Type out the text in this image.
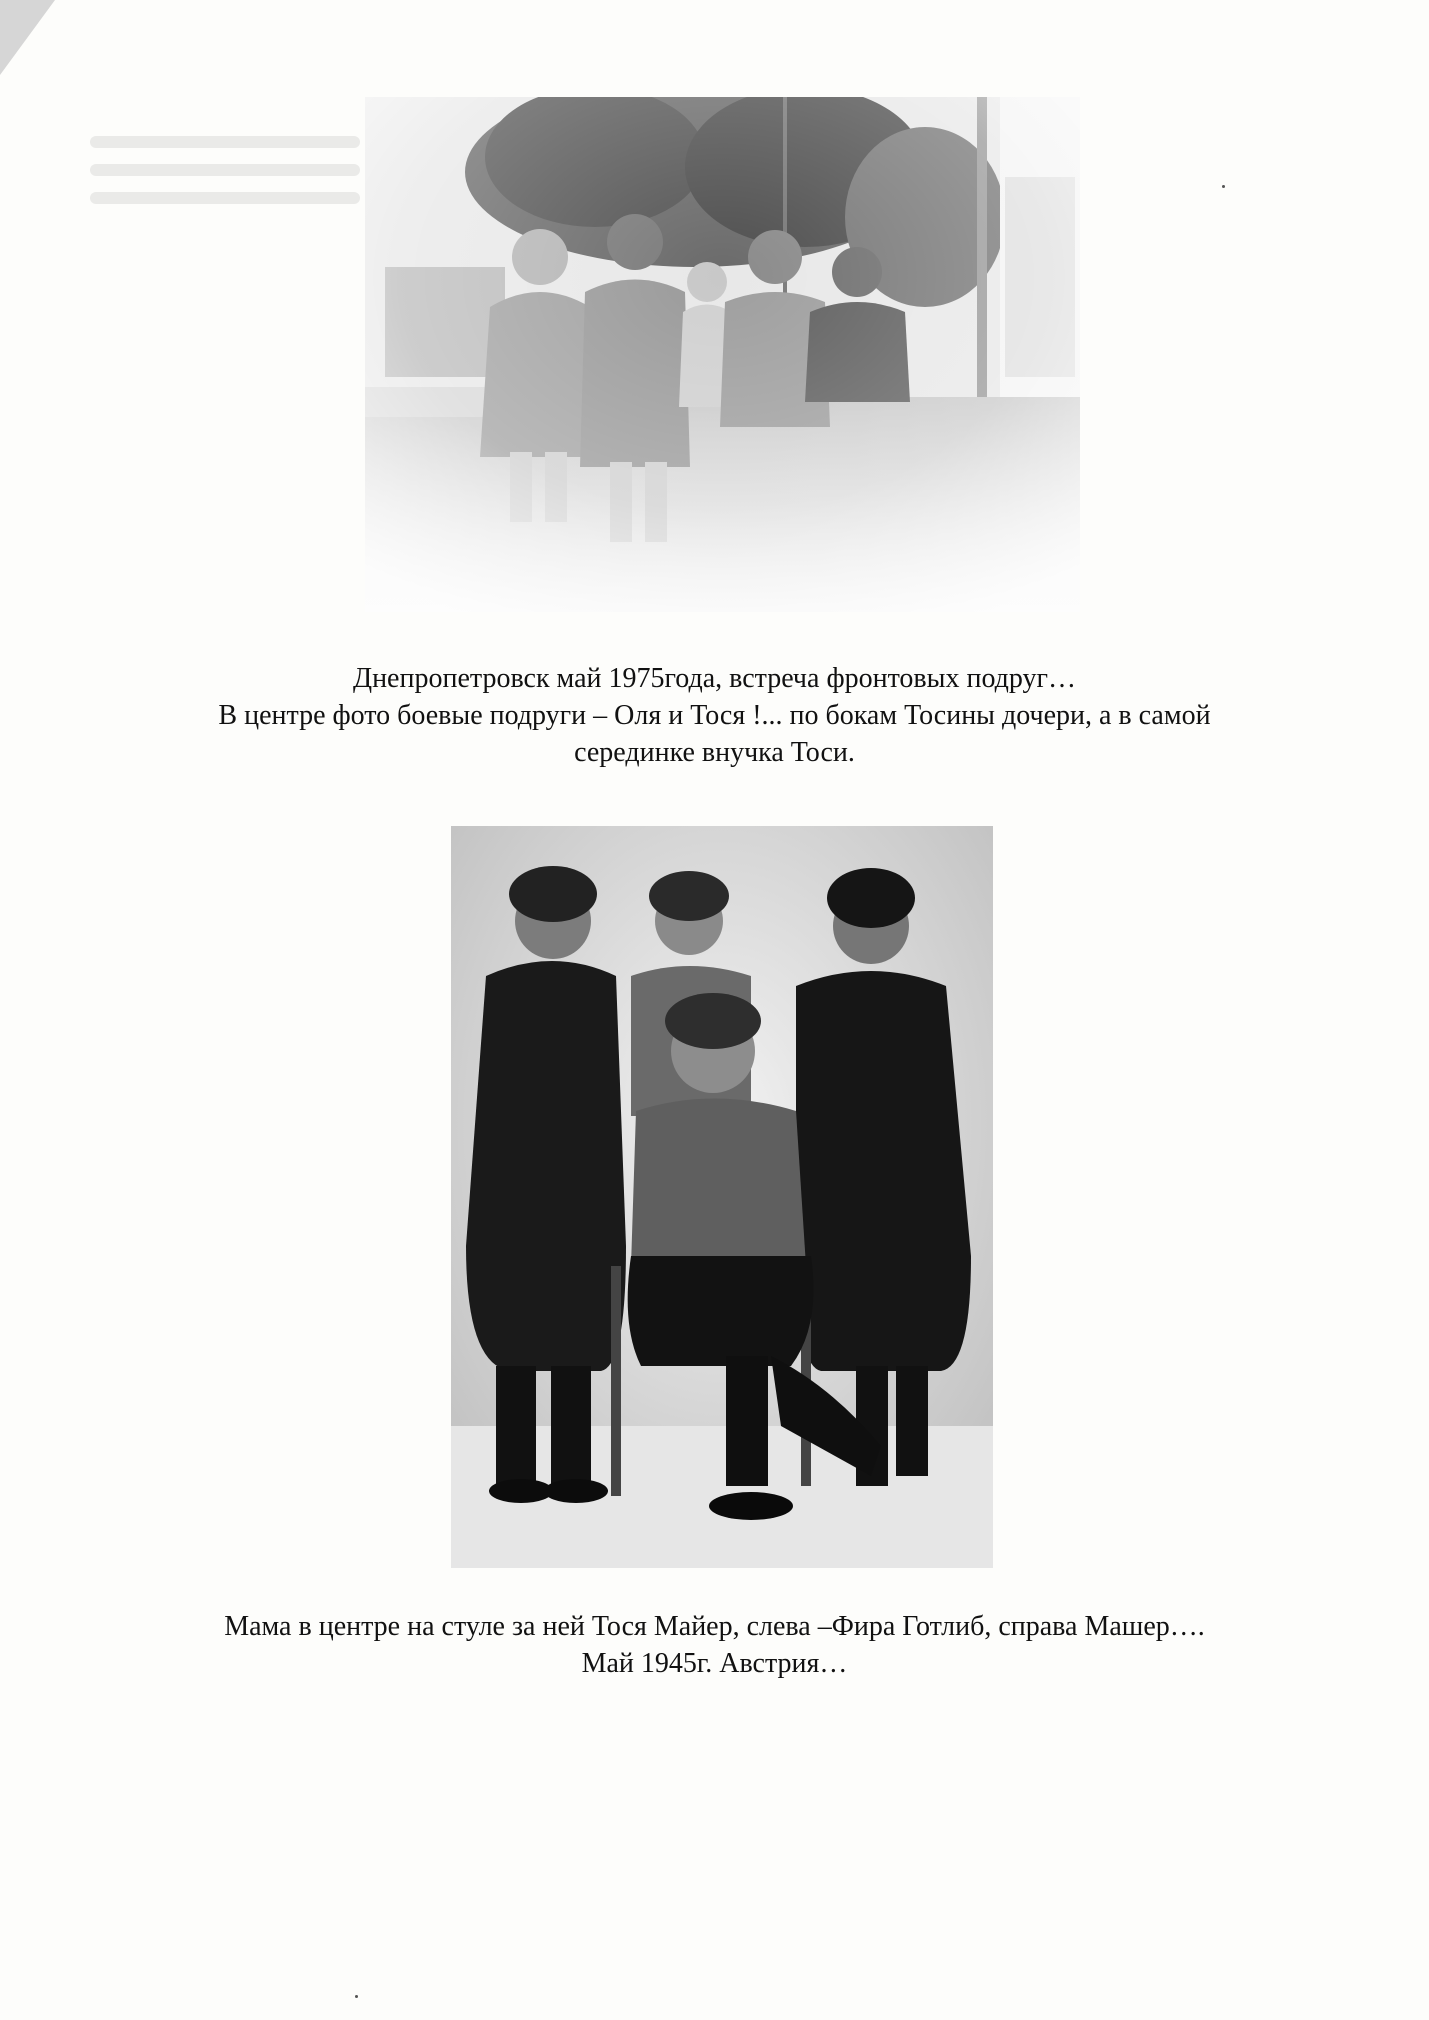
Днепропетровск май 1975года, встреча фронтовых подруг…
В центре фото боевые подруги – Оля и Тося !... по бокам Тосины дочери, а в самой
серединке внучка Тоси.
Мама в центре на стуле за ней Тося Майер, слева –Фира Готлиб, справа Машер….
Май 1945г. Австрия…
